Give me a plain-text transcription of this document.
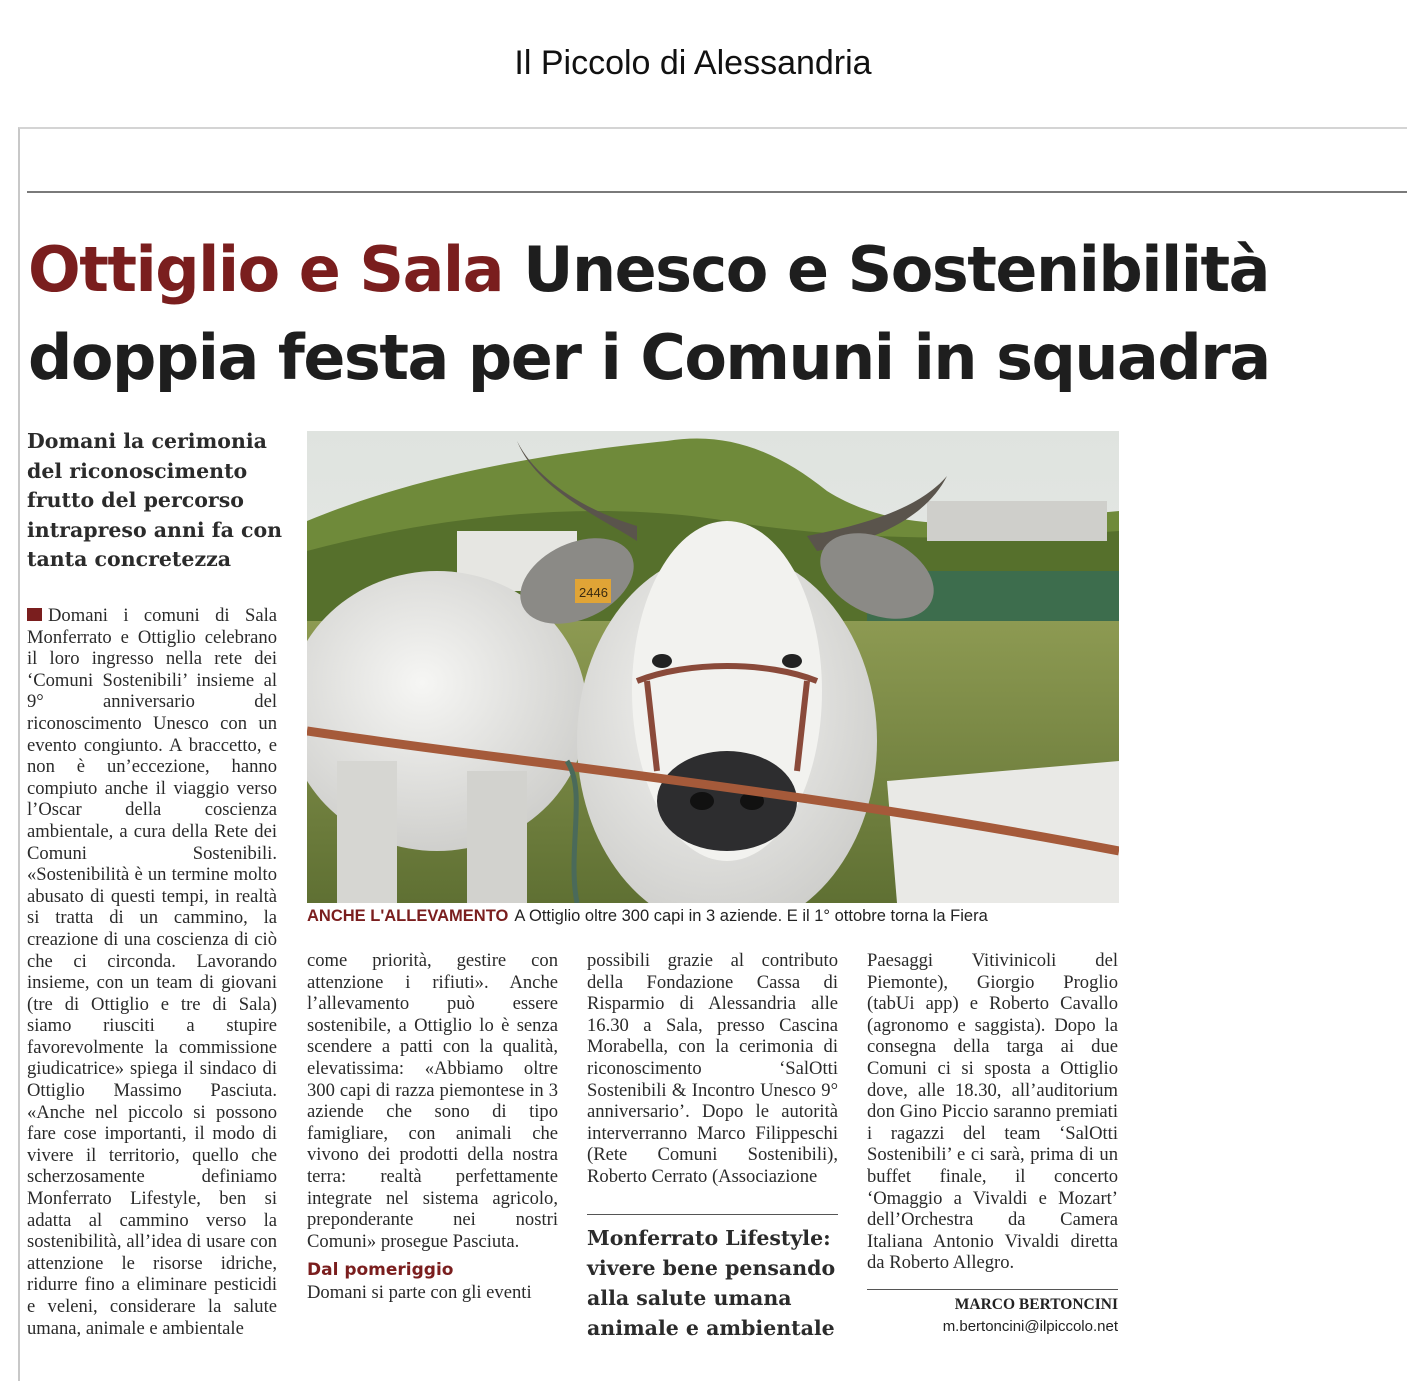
Il Piccolo di Alessandria
Ottiglio e Sala Unesco e Sostenibilità
doppia festa per i Comuni in squadra
Domani la cerimonia del riconoscimento frutto del percorso intrapreso anni fa con tanta concretezza
2446
ANCHE L'ALLEVAMENTO A Ottiglio oltre 300 capi in 3 aziende. E il 1° ottobre torna la Fiera

Domani i comuni di Sala Monferrato e Ottiglio celebrano il loro ingresso nella rete dei ‘Comuni Sostenibili’ insieme al 9° anniversario del riconoscimento Unesco con un evento congiunto. A braccetto, e non è un’eccezione, hanno compiuto anche il viaggio verso l’Oscar della coscienza ambientale, a cura della Rete dei Comuni Sostenibili. «Sostenibilità è un termine molto abusato di questi tempi, in realtà si tratta di un cammino, la creazione di una coscienza di ciò che ci circonda. Lavorando insieme, con un team di giovani (tre di Ottiglio e tre di Sala) siamo riusciti a stupire favorevolmente la commissione giudicatrice» spiega il sindaco di Ottiglio Massimo Pasciuta. «Anche nel piccolo si possono fare cose importanti, il modo di vivere il territorio, quello che scherzosamente definiamo Monferrato Lifestyle, ben si adatta al cammino verso la sostenibilità, all’idea di usare con attenzione le risorse idriche, ridurre fino a eliminare pesticidi e veleni, considerare la salute umana, animale e ambientale

come priorità, gestire con attenzione i rifiuti». Anche l’allevamento può essere sostenibile, a Ottiglio lo è senza scendere a patti con la qualità, elevatissima: «Abbiamo oltre 300 capi di razza piemontese in 3 aziende che sono di tipo famigliare, con animali che vivono dei prodotti della nostra terra: realtà perfettamente integrate nel sistema agricolo, preponderante nei nostri Comuni» prosegue Pasciuta.

Dal pomeriggio

Domani si parte con gli eventi

possibili grazie al contributo della Fondazione Cassa di Risparmio di Alessandria alle 16.30 a Sala, presso Cascina Morabella, con la cerimonia di riconoscimento ‘SalOtti Sostenibili & Incontro Unesco 9° anniversario’. Dopo le autorità interverranno Marco Filippeschi (Rete Comuni Sostenibili), Roberto Cerrato (Associazione

Monferrato Lifestyle: vivere bene pensando alla salute umana animale e ambientale

Paesaggi Vitivinicoli del Piemonte), Giorgio Proglio (tabUi app) e Roberto Cavallo (agronomo e saggista). Dopo la consegna della targa ai due Comuni ci si sposta a Ottiglio dove, alle 18.30, all’auditorium don Gino Piccio saranno premiati i ragazzi del team ‘SalOtti Sostenibili’ e ci sarà, prima di un buffet finale, il concerto ‘Omaggio a Vivaldi e Mozart’ dell’Orchestra da Camera Italiana Antonio Vivaldi diretta da Roberto Allegro.

MARCO BERTONCINI
m.bertoncini@ilpiccolo.net
